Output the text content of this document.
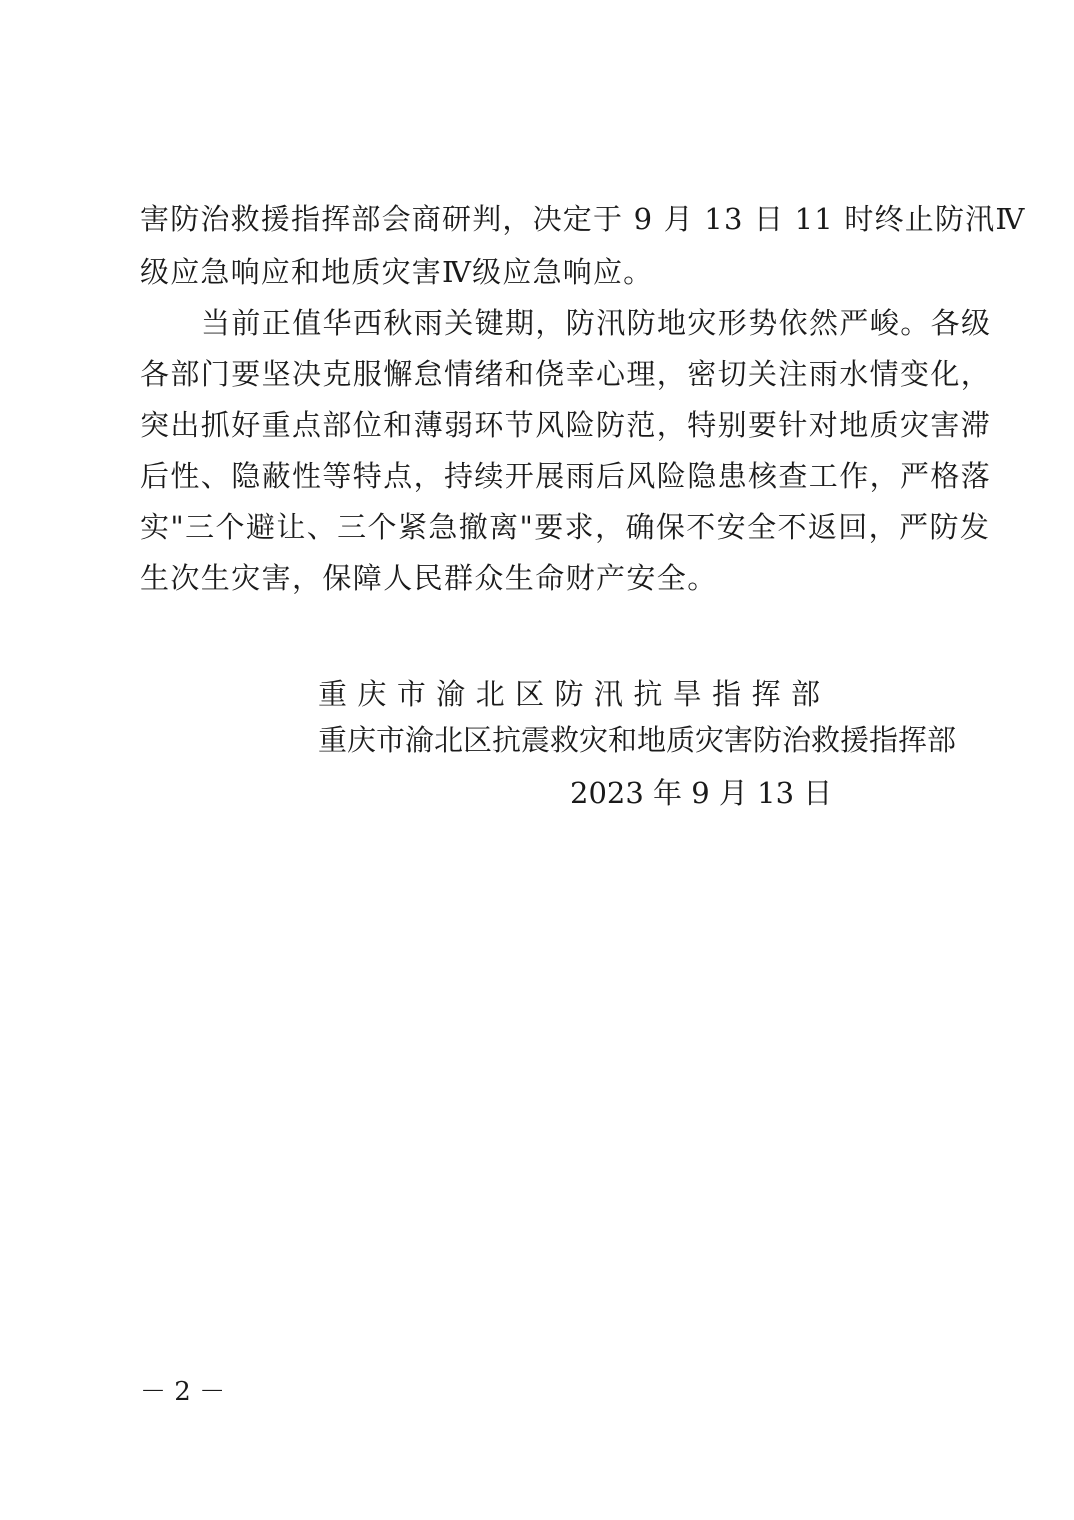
害防治救援指挥部会商研判，决定于 9 月 13 日 11 时终止防汛Ⅳ
级应急响应和地质灾害Ⅳ级应急响应。
当前正值华西秋雨关键期，防汛防地灾形势依然严峻。各级
各部门要坚决克服懈怠情绪和侥幸心理，密切关注雨水情变化，
突出抓好重点部位和薄弱环节风险防范，特别要针对地质灾害滞
后性、隐蔽性等特点，持续开展雨后风险隐患核查工作，严格落
实"三个避让、三个紧急撤离"要求，确保不安全不返回，严防发
生次生灾害，保障人民群众生命财产安全。
重 庆 市 渝 北 区 防 汛 抗 旱 指 挥 部
重庆市渝北区抗震救灾和地质灾害防治救援指挥部
2023 年 9 月 13 日
－ 2 －
